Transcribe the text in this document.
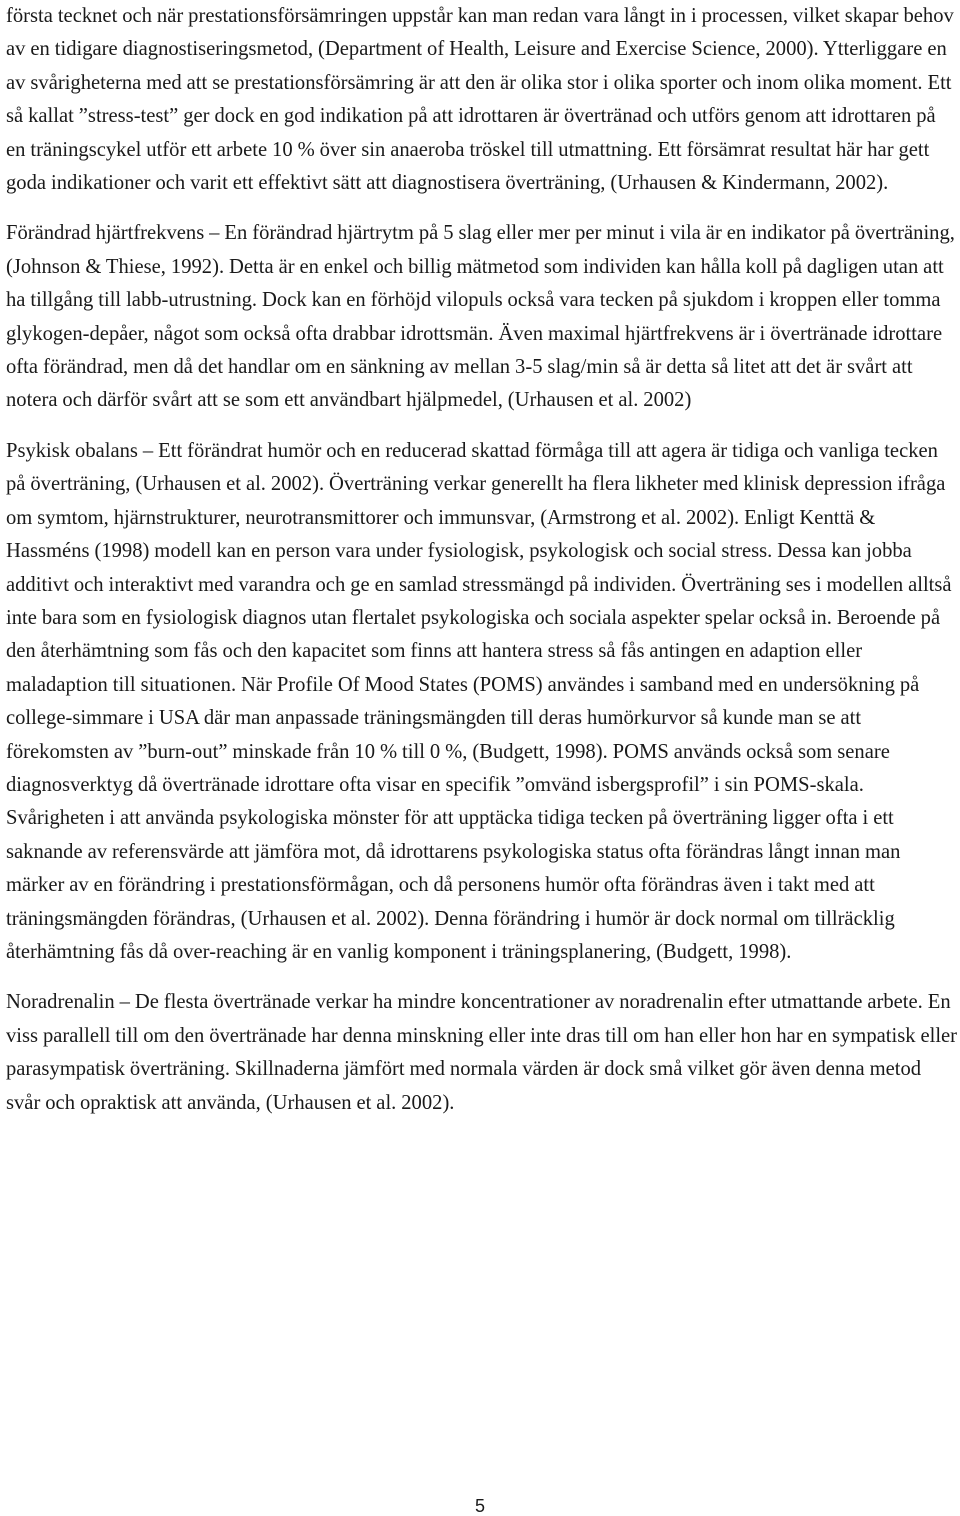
första tecknet och när prestationsförsämringen uppstår kan man redan vara långt in i processen, vilket skapar behov av en tidigare diagnostiseringsmetod, (Department of Health, Leisure and Exercise Science, 2000). Ytterliggare en av svårigheterna med att se prestationsförsämring är att den är olika stor i olika sporter och inom olika moment. Ett så kallat ”stress-test” ger dock en god indikation på att idrottaren är övertränad och utförs genom att idrottaren på en träningscykel utför ett arbete 10 % över sin anaeroba tröskel till utmattning. Ett försämrat resultat här har gett goda indikationer och varit ett effektivt sätt att diagnostisera överträning, (Urhausen & Kindermann, 2002).

Förändrad hjärtfrekvens – En förändrad hjärtrytm på 5 slag eller mer per minut i vila är en indikator på överträning, (Johnson & Thiese, 1992). Detta är en enkel och billig mätmetod som individen kan hålla koll på dagligen utan att ha tillgång till labb-utrustning. Dock kan en förhöjd vilopuls också vara tecken på sjukdom i kroppen eller tomma glykogen-depåer, något som också ofta drabbar idrottsmän. Även maximal hjärtfrekvens är i övertränade idrottare ofta förändrad, men då det handlar om en sänkning av mellan 3-5 slag/min så är detta så litet att det är svårt att notera och därför svårt att se som ett användbart hjälpmedel, (Urhausen et al. 2002)

Psykisk obalans – Ett förändrat humör och en reducerad skattad förmåga till att agera är tidiga och vanliga tecken på överträning, (Urhausen et al. 2002). Överträning verkar generellt ha flera likheter med klinisk depression ifråga om symtom, hjärnstrukturer, neurotransmittorer och immunsvar, (Armstrong et al. 2002). Enligt Kenttä & Hassméns (1998) modell kan en person vara under fysiologisk, psykologisk och social stress. Dessa kan jobba additivt och interaktivt med varandra och ge en samlad stressmängd på individen. Överträning ses i modellen alltså inte bara som en fysiologisk diagnos utan flertalet psykologiska och sociala aspekter spelar också in. Beroende på den återhämtning som fås och den kapacitet som finns att hantera stress så fås antingen en adaption eller maladaption till situationen. När Profile Of Mood States (POMS) användes i samband med en undersökning på college-simmare i USA där man anpassade träningsmängden till deras humörkurvor så kunde man se att förekomsten av ”burn-out” minskade från 10 % till 0 %, (Budgett, 1998). POMS används också som senare diagnosverktyg då övertränade idrottare ofta visar en specifik ”omvänd isbergsprofil” i sin POMS-skala. Svårigheten i att använda psykologiska mönster för att upptäcka tidiga tecken på överträning ligger ofta i ett saknande av referensvärde att jämföra mot, då idrottarens psykologiska status ofta förändras långt innan man märker av en förändring i prestationsförmågan, och då personens humör ofta förändras även i takt med att träningsmängden förändras, (Urhausen et al. 2002). Denna förändring i humör är dock normal om tillräcklig återhämtning fås då over-reaching är en vanlig komponent i träningsplanering, (Budgett, 1998).

Noradrenalin – De flesta övertränade verkar ha mindre koncentrationer av noradrenalin efter utmattande arbete. En viss parallell till om den övertränade har denna minskning eller inte dras till om han eller hon har en sympatisk eller parasympatisk överträning. Skillnaderna jämfört med normala värden är dock små vilket gör även denna metod svår och opraktisk att använda, (Urhausen et al. 2002).

5
